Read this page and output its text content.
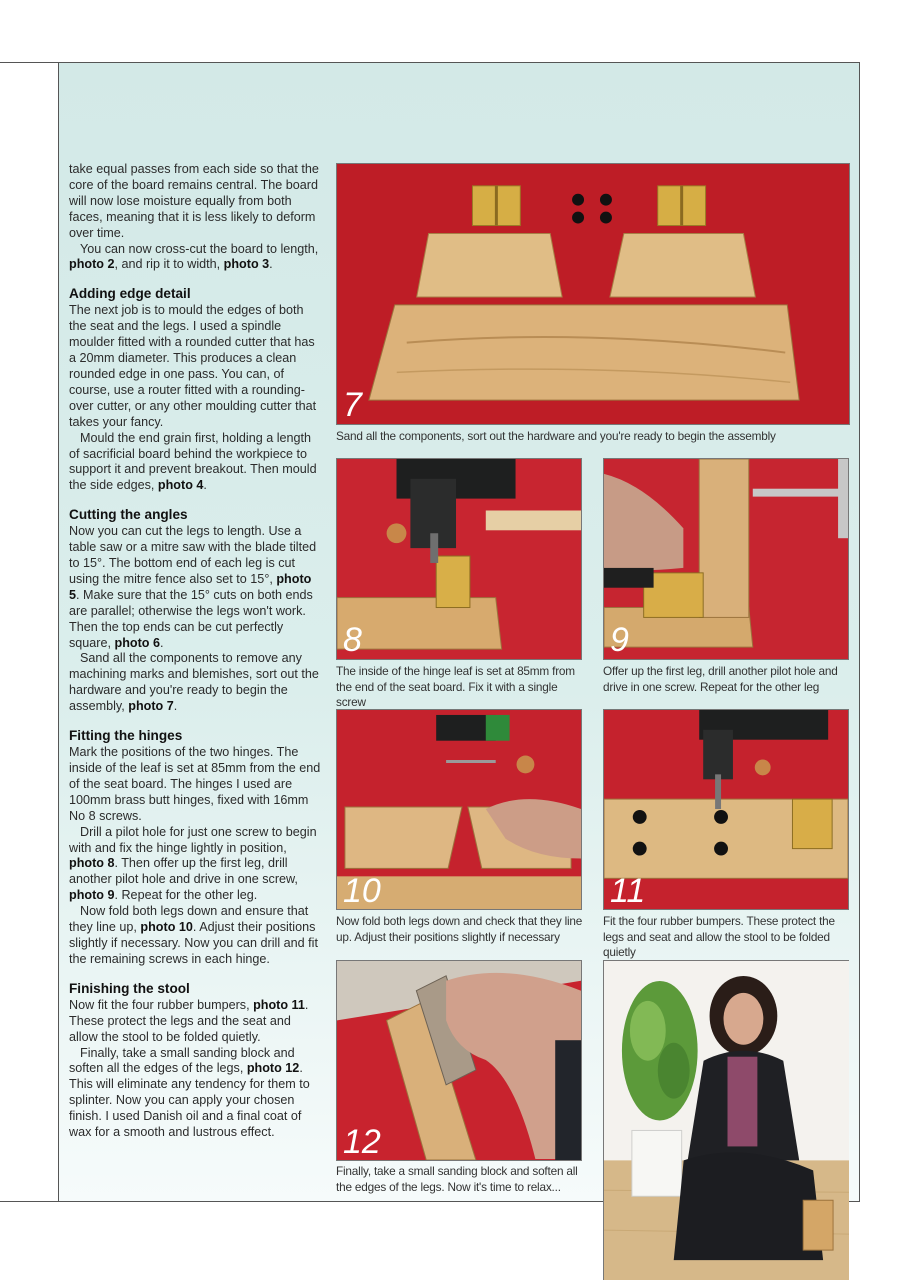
take equal passes from each side so that the core of the board remains central. The board will now lose moisture equally from both faces, meaning that it is less likely to deform over time.

You can now cross-cut the board to length, photo 2, and rip it to width, photo 3.

Adding edge detail

The next job is to mould the edges of both the seat and the legs. I used a spindle moulder fitted with a rounded cutter that has a 20mm diameter. This produces a clean rounded edge in one pass. You can, of course, use a router fitted with a rounding-over cutter, or any other moulding cutter that takes your fancy.

Mould the end grain first, holding a length of sacrificial board behind the workpiece to support it and prevent breakout. Then mould the side edges, photo 4.

Cutting the angles

Now you can cut the legs to length. Use a table saw or a mitre saw with the blade tilted to 15°. The bottom end of each leg is cut using the mitre fence also set to 15°, photo 5. Make sure that the 15° cuts on both ends are parallel; otherwise the legs won't work. Then the top ends can be cut perfectly square, photo 6.

Sand all the components to remove any machining marks and blemishes, sort out the hardware and you're ready to begin the assembly, photo 7.

Fitting the hinges

Mark the positions of the two hinges. The inside of the leaf is set at 85mm from the end of the seat board. The hinges I used are 100mm brass butt hinges, fixed with 16mm No 8 screws.

Drill a pilot hole for just one screw to begin with and fix the hinge lightly in position, photo 8. Then offer up the first leg, drill another pilot hole and drive in one screw, photo 9. Repeat for the other leg.

Now fold both legs down and ensure that they line up, photo 10. Adjust their positions slightly if necessary. Now you can drill and fit the remaining screws in each hinge.

Finishing the stool

Now fit the four rubber bumpers, photo 11. These protect the legs and the seat and allow the stool to be folded quietly.

Finally, take a small sanding block and soften all the edges of the legs, photo 12. This will eliminate any tendency for them to splinter. Now you can apply your chosen finish. I used Danish oil and a final coat of wax for a smooth and lustrous effect.

7
Sand all the components, sort out the hardware and you're ready to begin the assembly
8
The inside of the hinge leaf is set at 85mm from the end of the seat board. Fix it with a single screw
9
Offer up the first leg, drill another pilot hole and drive in one screw. Repeat for the other leg
10
Now fold both legs down and check that they line up. Adjust their positions slightly if necessary
11
Fit the four rubber bumpers. These protect the legs and seat and allow the stool to be folded quietly
12
Finally, take a small sanding block and soften all the edges of the legs. Now it's time to relax...
